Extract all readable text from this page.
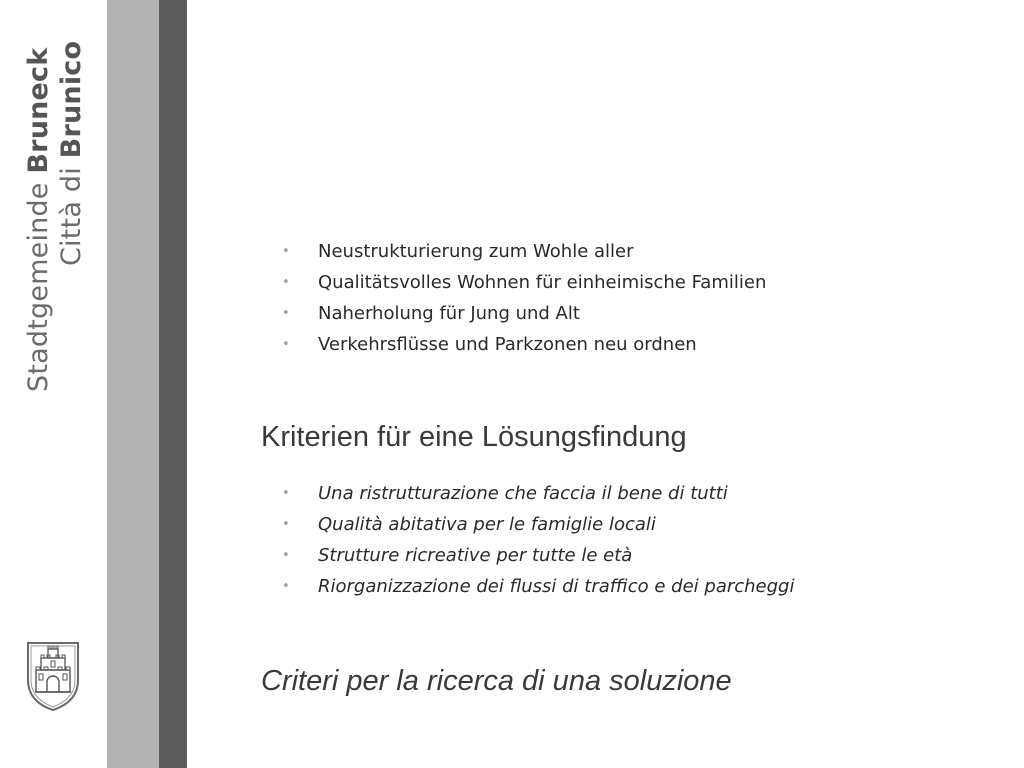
Stadtgemeinde Bruneck
Città di Brunico
• Neustrukturierung zum Wohle aller
• Qualitätsvolles Wohnen für einheimische Familien
• Naherholung für Jung und Alt
• Verkehrsflüsse und Parkzonen neu ordnen
Kriterien für eine Lösungsfindung
• Una ristrutturazione che faccia il bene di tutti
• Qualità abitativa per le famiglie locali
• Strutture ricreative per tutte le età
• Riorganizzazione dei flussi di traffico e dei parcheggi
Criteri per la ricerca di una soluzione
